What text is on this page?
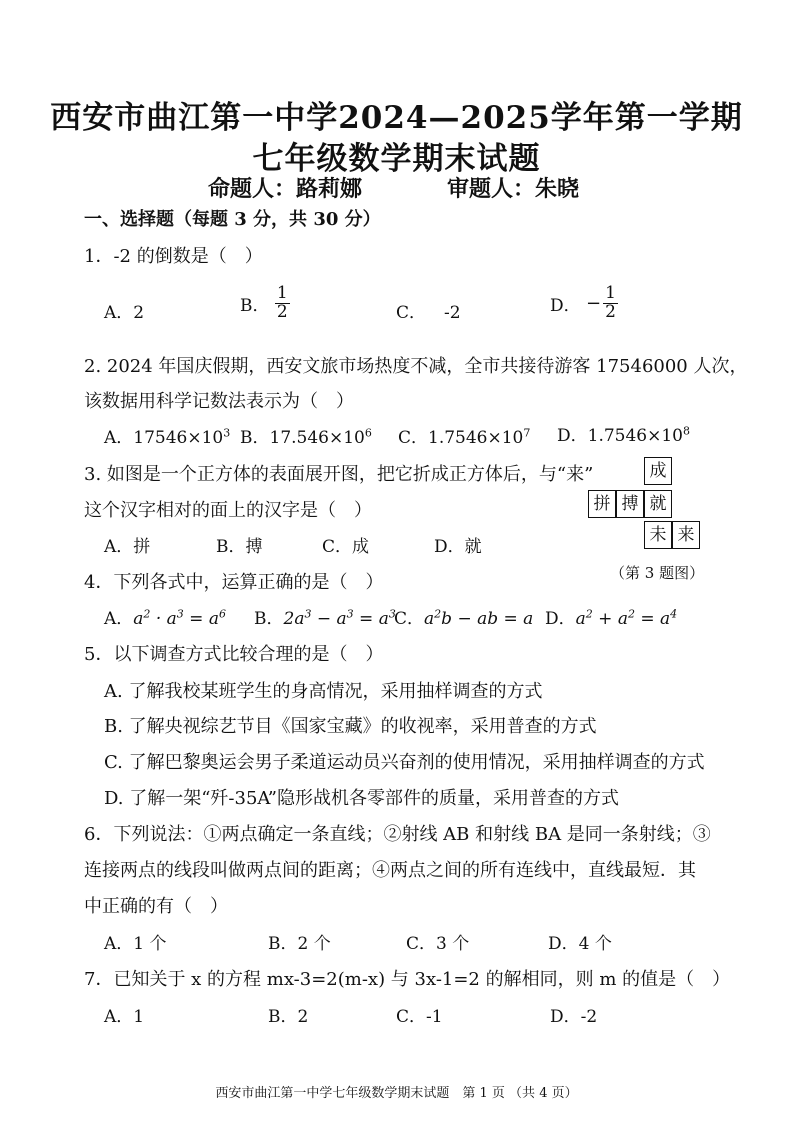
西安市曲江第一中学2024—2025学年第一学期
七年级数学期末试题
命题人：路莉娜	审题人：朱晓
一、选择题（每题 3 分，共 30 分）
1．-2 的倒数是（　）
A．2	B． $\frac{1}{2}$	C． -2	D． − $\frac{1}{2}$
2. 2024 年国庆假期，西安文旅市场热度不减，全市共接待游客 17546000 人次，
该数据用科学记数法表示为（　）
A．$17546\times 10^3$ B．$17.546\times 10^6$ C．$1.7546\times 10^7$ D．$1.7546\times 10^8$
3. 如图是一个正方体的表面展开图，把它折成正方体后，与“来”
这个汉字相对的面上的汉字是（　）
A．拼	B．搏	C．成	D．就
成
拼 搏 就
未 来
（第 3 题图）
4．下列各式中，运算正确的是（　）
A．$a^2 \cdot a^3 = a^6$ B．$2a^3 - a^3 = a^3$
C．$a^2b$ − ab = a D．$a^2 + a^2 = a^4$
5．以下调查方式比较合理的是（　）
A. 了解我校某班学生的身高情况，采用抽样调查的方式
B. 了解央视综艺节目《国家宝藏》的收视率，采用普查的方式
C. 了解巴黎奥运会男子柔道运动员兴奋剂的使用情况，采用抽样调查的方式
D. 了解一架“歼-35A”隐形战机各零部件的质量，采用普查的方式
6．下列说法：①两点确定一条直线；②射线 AB 和射线 BA 是同一条射线；③
连接两点的线段叫做两点间的距离；④两点之间的所有连线中，直线最短．其
中正确的有（　）
A．1 个	B．2 个	C．3 个	D．4 个
7．已知关于 x 的方程 mx-3=2(m-x) 与 3x-1=2 的解相同，则 m 的值是（　）
A．1	B．2	C．-1	D．-2
西安市曲江第一中学七年级数学期末试题　第 1 页 （共 4 页）
